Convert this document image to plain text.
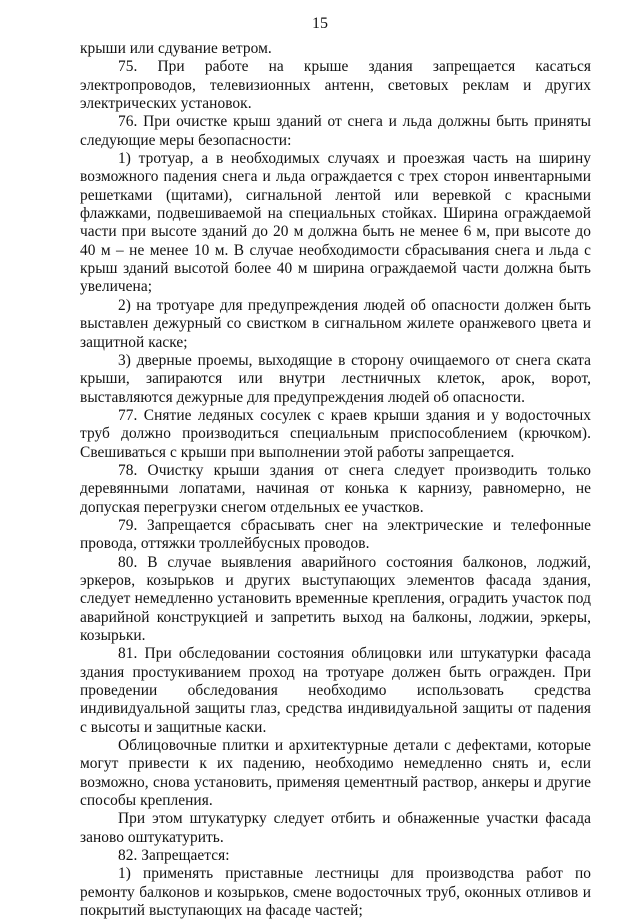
15

крыши или сдувание ветром.

75. При работе на крыше здания запрещается касаться электропроводов, телевизионных антенн, световых реклам и других электрических установок.

76. При очистке крыш зданий от снега и льда должны быть приняты следующие меры безопасности:

1) тротуар, а в необходимых случаях и проезжая часть на ширину возможного падения снега и льда ограждается с трех сторон инвентарными решетками (щитами), сигнальной лентой или веревкой с красными флажками, подвешиваемой на специальных стойках. Ширина ограждаемой части при высоте зданий до 20 м должна быть не менее 6 м, при высоте до 40 м – не менее 10 м. В случае необходимости сбрасывания снега и льда с крыш зданий высотой более 40 м ширина ограждаемой части должна быть увеличена;

2) на тротуаре для предупреждения людей об опасности должен быть выставлен дежурный со свистком в сигнальном жилете оранжевого цвета и защитной каске;

3) дверные проемы, выходящие в сторону очищаемого от снега ската крыши, запираются или внутри лестничных клеток, арок, ворот, выставляются дежурные для предупреждения людей об опасности.

77. Снятие ледяных сосулек с краев крыши здания и у водосточных труб должно производиться специальным приспособлением (крючком). Свешиваться с крыши при выполнении этой работы запрещается.

78. Очистку крыши здания от снега следует производить только деревянными лопатами, начиная от конька к карнизу, равномерно, не допуская перегрузки снегом отдельных ее участков.

79. Запрещается сбрасывать снег на электрические и телефонные провода, оттяжки троллейбусных проводов.

80. В случае выявления аварийного состояния балконов, лоджий, эркеров, козырьков и других выступающих элементов фасада здания, следует немедленно установить временные крепления, оградить участок под аварийной конструкцией и запретить выход на балконы, лоджии, эркеры, козырьки.

81. При обследовании состояния облицовки или штукатурки фасада здания простукиванием проход на тротуаре должен быть огражден. При проведении обследования необходимо использовать средства индивидуальной защиты глаз, средства индивидуальной защиты от падения с высоты и защитные каски.

Облицовочные плитки и архитектурные детали с дефектами, которые могут привести к их падению, необходимо немедленно снять и, если возможно, снова установить, применяя цементный раствор, анкеры и другие способы крепления.

При этом штукатурку следует отбить и обнаженные участки фасада заново оштукатурить.

82. Запрещается:

1) применять приставные лестницы для производства работ по ремонту балконов и козырьков, смене водосточных труб, оконных отливов и покрытий выступающих на фасаде частей;
